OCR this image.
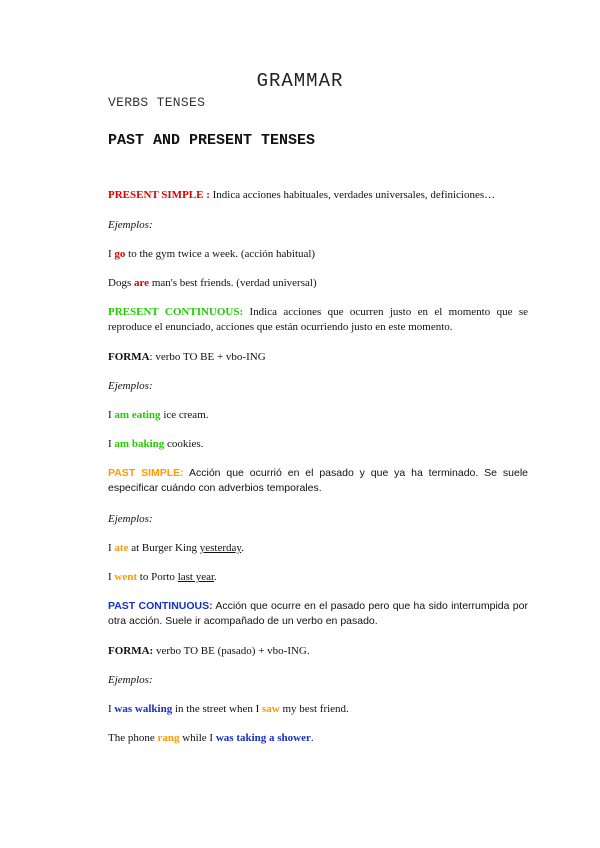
GRAMMAR
VERBS TENSES
PAST AND PRESENT TENSES
PRESENT SIMPLE : Indica acciones habituales, verdades universales, definiciones…
Ejemplos:
I go to the gym twice a week. (acción habitual)
Dogs are man's best friends. (verdad universal)
PRESENT CONTINUOUS: Indica acciones que ocurren justo en el momento que se reproduce el enunciado, acciones que están ocurriendo justo en este momento.
FORMA: verbo TO BE + vbo-ING
Ejemplos:
I am eating ice cream.
I am baking cookies.
PAST SIMPLE: Acción que ocurrió en el pasado y que ya ha terminado. Se suele especificar cuándo con adverbios temporales.
Ejemplos:
I ate at Burger King yesterday.
I went to Porto last year.
PAST CONTINUOUS: Acción que ocurre en el pasado pero que ha sido interrumpida por otra acción. Suele ir acompañado de un verbo en pasado.
FORMA: verbo TO BE (pasado) + vbo-ING.
Ejemplos:
I was walking in the street when I saw my best friend.
The phone rang while I was taking a shower.
